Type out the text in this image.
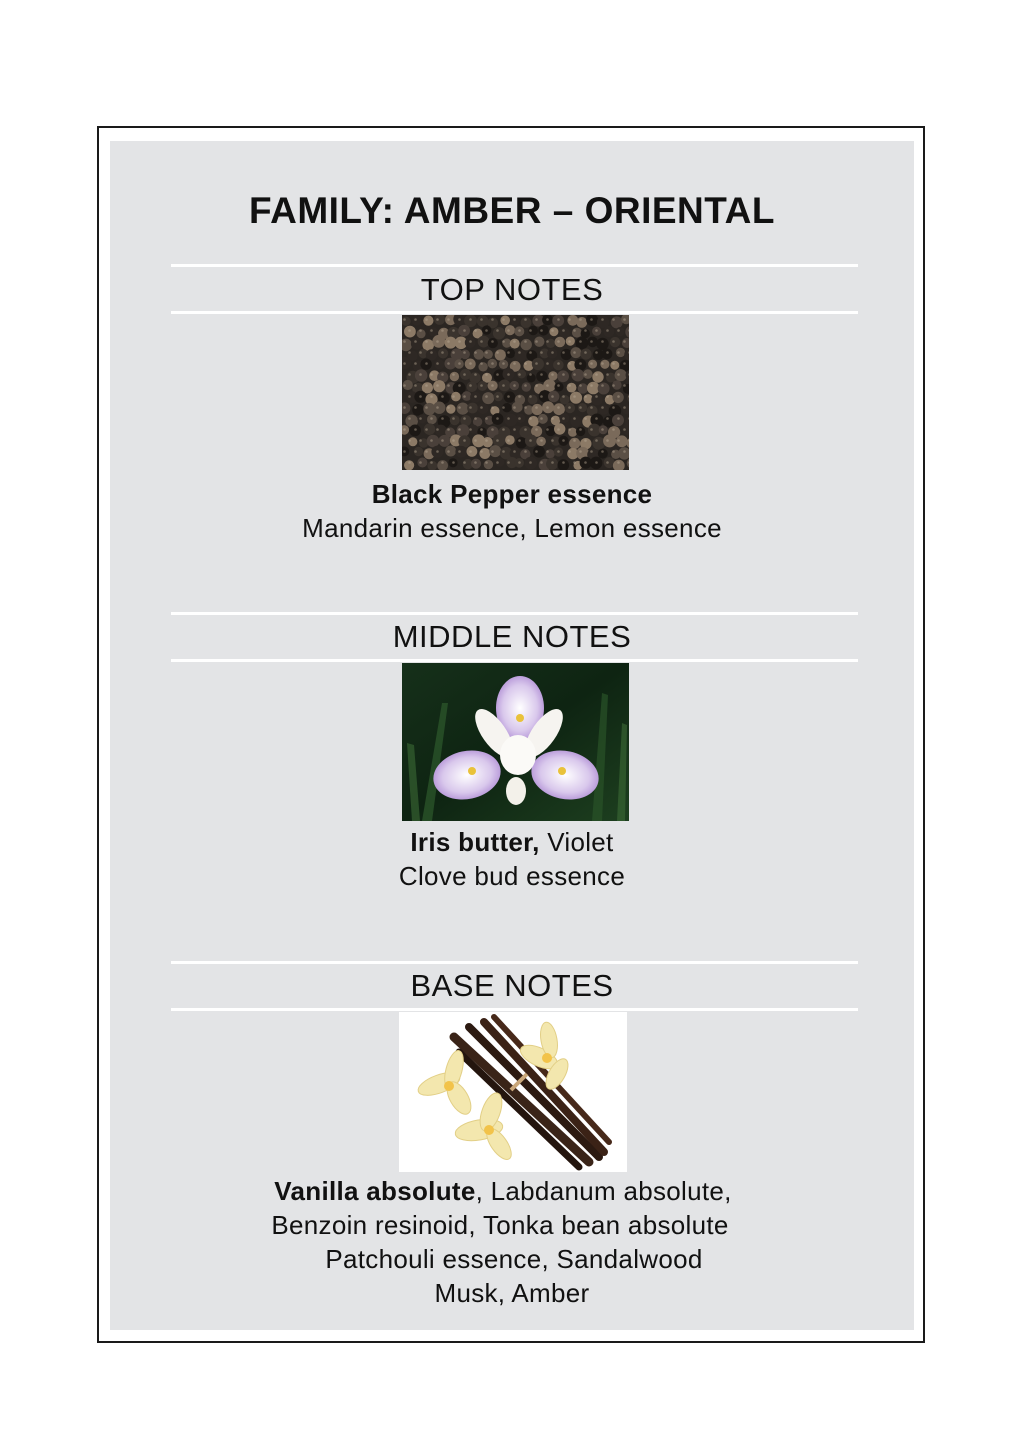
FAMILY: AMBER – ORIENTAL
TOP NOTES
Black Pepper essence
Mandarin essence, Lemon essence
MIDDLE NOTES
Iris butter, Violet
Clove bud essence
BASE NOTES
Vanilla absolute, Labdanum absolute,
Benzoin resinoid, Tonka bean absolute
Patchouli essence, Sandalwood
Musk, Amber
